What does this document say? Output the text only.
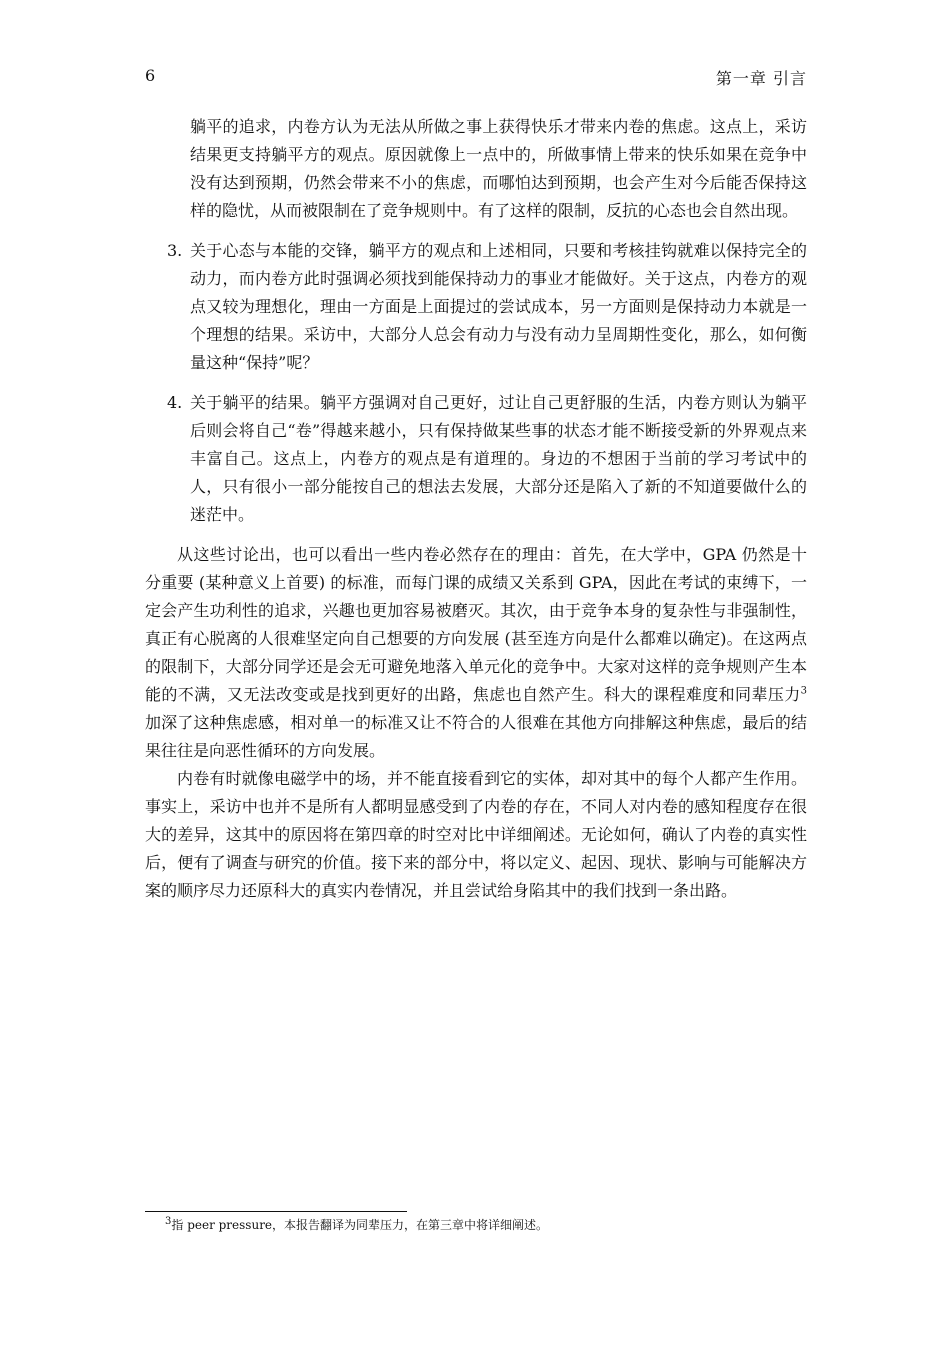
6	第一章 引言

躺平的追求，内卷方认为无法从所做之事上获得快乐才带来内卷的焦虑。这点上，采访结果更支持躺平方的观点。原因就像上一点中的，所做事情上带来的快乐如果在竞争中没有达到预期，仍然会带来不小的焦虑，而哪怕达到预期，也会产生对今后能否保持这样的隐忧，从而被限制在了竞争规则中。有了这样的限制，反抗的心态也会自然出现。

3. 关于心态与本能的交锋，躺平方的观点和上述相同，只要和考核挂钩就难以保持完全的动力，而内卷方此时强调必须找到能保持动力的事业才能做好。关于这点，内卷方的观点又较为理想化，理由一方面是上面提过的尝试成本，另一方面则是保持动力本就是一个理想的结果。采访中，大部分人总会有动力与没有动力呈周期性变化，那么，如何衡量这种“保持”呢？
4. 关于躺平的结果。躺平方强调对自己更好，过让自己更舒服的生活，内卷方则认为躺平后则会将自己“卷”得越来越小，只有保持做某些事的状态才能不断接受新的外界观点来丰富自己。这点上，内卷方的观点是有道理的。身边的不想困于当前的学习考试中的人，只有很小一部分能按自己的想法去发展，大部分还是陷入了新的不知道要做什么的迷茫中。

从这些讨论出，也可以看出一些内卷必然存在的理由：首先，在大学中，GPA 仍然是十分重要 (某种意义上首要) 的标准，而每门课的成绩又关系到 GPA，因此在考试的束缚下，一定会产生功利性的追求，兴趣也更加容易被磨灭。其次，由于竞争本身的复杂性与非强制性，真正有心脱离的人很难坚定向自己想要的方向发展 (甚至连方向是什么都难以确定)。在这两点的限制下，大部分同学还是会无可避免地落入单元化的竞争中。大家对这样的竞争规则产生本能的不满，又无法改变或是找到更好的出路，焦虑也自然产生。科大的课程难度和同辈压力$^3$加深了这种焦虑感，相对单一的标准又让不符合的人很难在其他方向排解这种焦虑，最后的结果往往是向恶性循环的方向发展。

内卷有时就像电磁学中的场，并不能直接看到它的实体，却对其中的每个人都产生作用。事实上，采访中也并不是所有人都明显感受到了内卷的存在，不同人对内卷的感知程度存在很大的差异，这其中的原因将在第四章的时空对比中详细阐述。无论如何，确认了内卷的真实性后，便有了调查与研究的价值。接下来的部分中，将以定义、起因、现状、影响与可能解决方案的顺序尽力还原科大的真实内卷情况，并且尝试给身陷其中的我们找到一条出路。

$^3$指 peer pressure，本报告翻译为同辈压力，在第三章中将详细阐述。
